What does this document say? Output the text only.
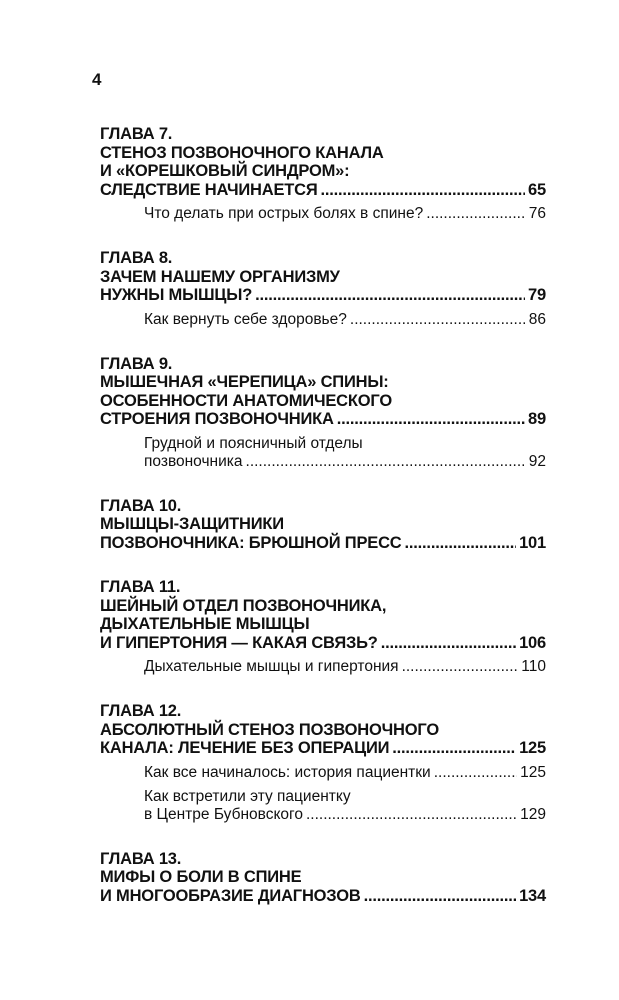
4
ГЛАВА 7.
СТЕНОЗ ПОЗВОНОЧНОГО КАНАЛА
И «КОРЕШКОВЫЙ СИНДРОМ»:
СЛЕДСТВИЕ НАЧИНАЕТСЯ .....	65
Что делать при острых болях в спине? .....	76
ГЛАВА 8.
ЗАЧЕМ НАШЕМУ ОРГАНИЗМУ
НУЖНЫ МЫШЦЫ? .....	79
Как вернуть себе здоровье? .....	86
ГЛАВА 9.
МЫШЕЧНАЯ «ЧЕРЕПИЦА» СПИНЫ:
ОСОБЕННОСТИ АНАТОМИЧЕСКОГО
СТРОЕНИЯ ПОЗВОНОЧНИКА .....	89
Грудной и поясничный отделы
позвоночника .....	92
ГЛАВА 10.
МЫШЦЫ-ЗАЩИТНИКИ
ПОЗВОНОЧНИКА: БРЮШНОЙ ПРЕСС .....	101
ГЛАВА 11.
ШЕЙНЫЙ ОТДЕЛ ПОЗВОНОЧНИКА,
ДЫХАТЕЛЬНЫЕ МЫШЦЫ
И ГИПЕРТОНИЯ — КАКАЯ СВЯЗЬ? .....	106
Дыхательные мышцы и гипертония .....	110
ГЛАВА 12.
АБСОЛЮТНЫЙ СТЕНОЗ ПОЗВОНОЧНОГО
КАНАЛА: ЛЕЧЕНИЕ БЕЗ ОПЕРАЦИИ .....	125
Как все начиналось: история пациентки .....	125
Как встретили эту пациентку
в Центре Бубновского .....	129
ГЛАВА 13.
МИФЫ О БОЛИ В СПИНЕ
И МНОГООБРАЗИЕ ДИАГНОЗОВ .....	134
